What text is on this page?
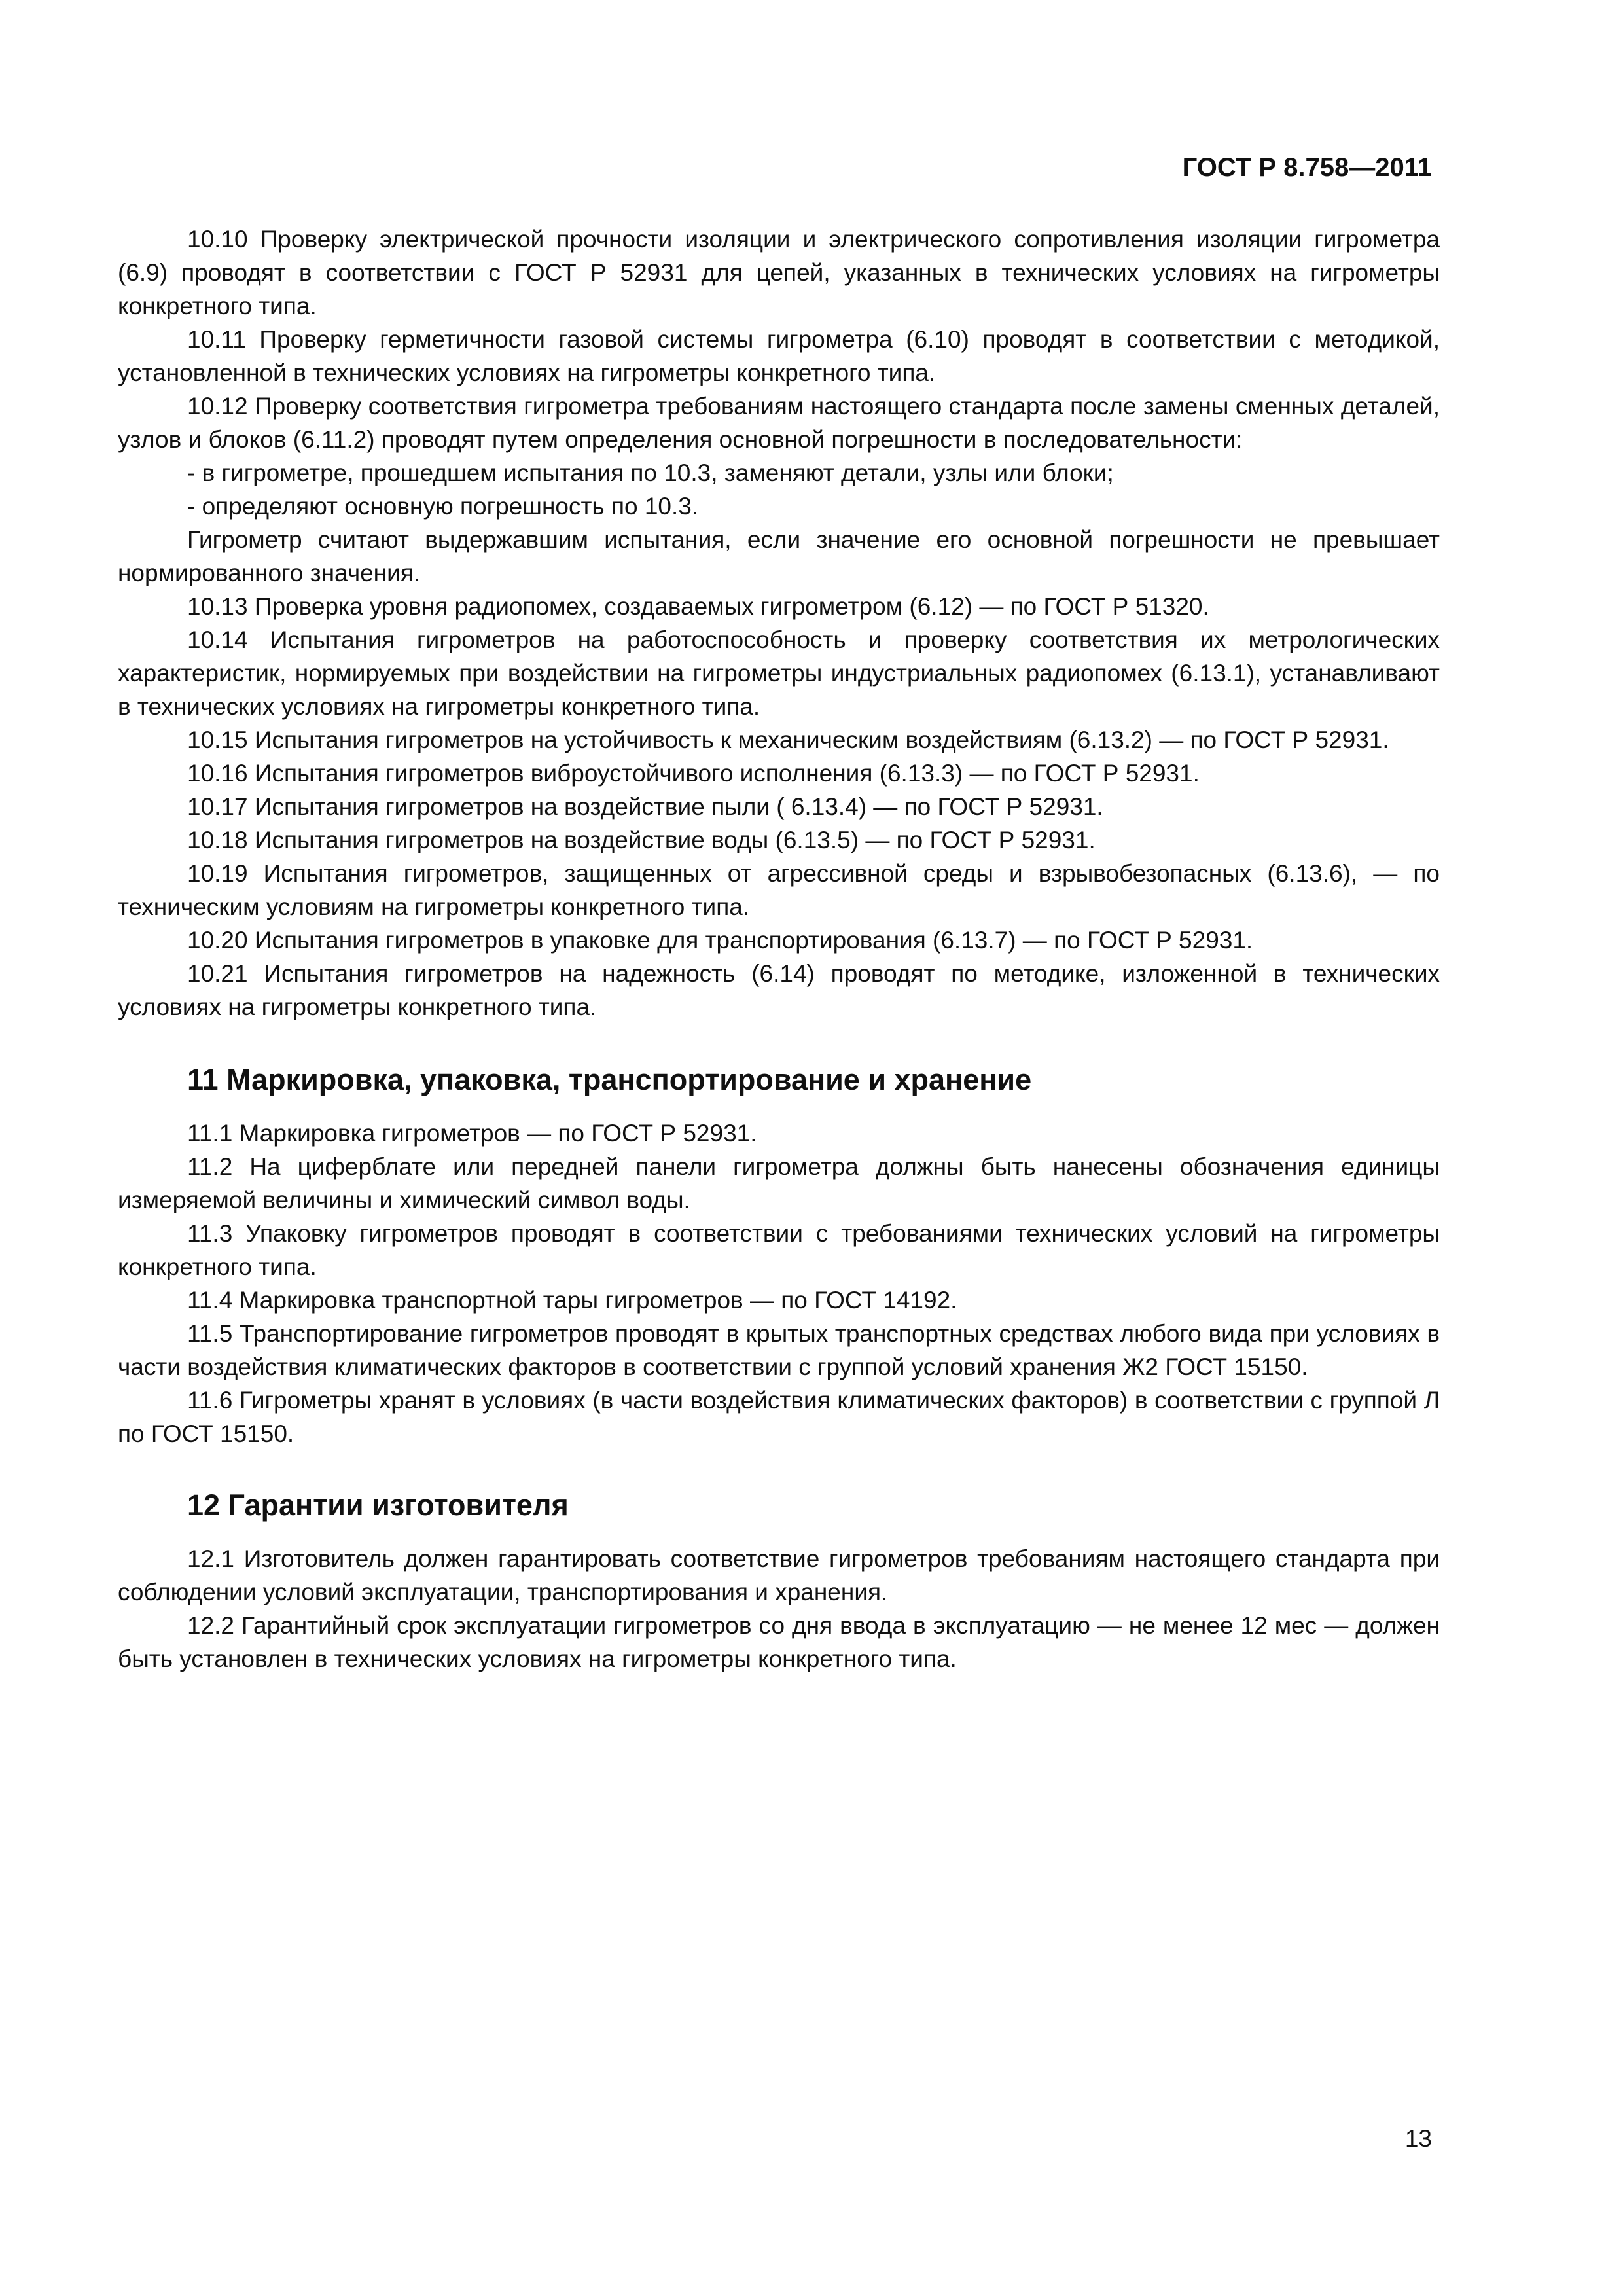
ГОСТ Р 8.758—2011

10.10 Проверку электрической прочности изоляции и электрического сопротивления изоляции гигрометра (6.9) проводят в соответствии с ГОСТ Р 52931 для цепей, указанных в технических условиях на гигрометры конкретного типа.

10.11 Проверку герметичности газовой системы гигрометра (6.10) проводят в соответствии с методикой, установленной в технических условиях на гигрометры конкретного типа.

10.12 Проверку соответствия гигрометра требованиям настоящего стандарта после замены сменных деталей, узлов и блоков (6.11.2) проводят путем определения основной погрешности в последовательности:

- в гигрометре, прошедшем испытания по 10.3, заменяют детали, узлы или блоки;

- определяют основную погрешность по 10.3.

Гигрометр считают выдержавшим испытания, если значение его основной погрешности не превышает нормированного значения.

10.13 Проверка уровня радиопомех, создаваемых гигрометром (6.12) — по ГОСТ Р 51320.

10.14 Испытания гигрометров на работоспособность и проверку соответствия их метрологических характеристик, нормируемых при воздействии на гигрометры индустриальных радиопомех (6.13.1), устанавливают в технических условиях на гигрометры конкретного типа.

10.15 Испытания гигрометров на устойчивость к механическим воздействиям (6.13.2) — по ГОСТ Р 52931.

10.16 Испытания гигрометров виброустойчивого исполнения (6.13.3) — по ГОСТ Р 52931.

10.17 Испытания гигрометров на воздействие пыли ( 6.13.4) — по ГОСТ Р 52931.

10.18 Испытания гигрометров на воздействие воды (6.13.5) — по ГОСТ Р 52931.

10.19 Испытания гигрометров, защищенных от агрессивной среды и взрывобезопасных (6.13.6), — по техническим условиям на гигрометры конкретного типа.

10.20 Испытания гигрометров в упаковке для транспортирования (6.13.7) — по ГОСТ Р 52931.

10.21 Испытания гигрометров на надежность (6.14) проводят по методике, изложенной в технических условиях на гигрометры конкретного типа.

11 Маркировка, упаковка, транспортирование и хранение

11.1 Маркировка гигрометров — по ГОСТ Р 52931.

11.2 На циферблате или передней панели гигрометра должны быть нанесены обозначения единицы измеряемой величины и химический символ воды.

11.3 Упаковку гигрометров проводят в соответствии с требованиями технических условий на гигрометры конкретного типа.

11.4 Маркировка транспортной тары гигрометров — по ГОСТ 14192.

11.5 Транспортирование гигрометров проводят в крытых транспортных средствах любого вида при условиях в части воздействия климатических факторов в соответствии с группой условий хранения Ж2 ГОСТ 15150.

11.6 Гигрометры хранят в условиях (в части воздействия климатических факторов) в соответствии с группой Л по ГОСТ 15150.

12 Гарантии изготовителя

12.1 Изготовитель должен гарантировать соответствие гигрометров требованиям настоящего стандарта при соблюдении условий эксплуатации, транспортирования и хранения.

12.2 Гарантийный срок эксплуатации гигрометров со дня ввода в эксплуатацию — не менее 12 мес — должен быть установлен в технических условиях на гигрометры конкретного типа.

13
